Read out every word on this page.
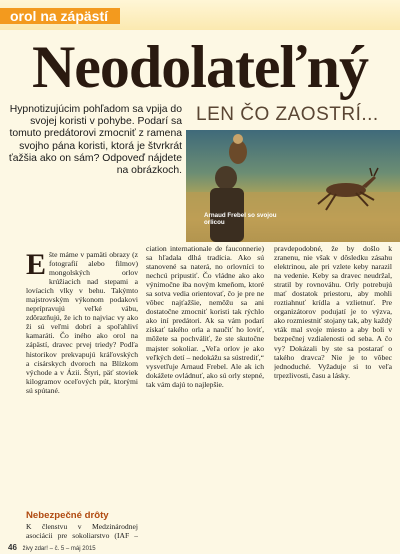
orol na zápästí
Neodolateľný
LEN ČO ZAOSTRÍ...
Hypnotizujúcim pohľadom sa vpija do svojej koristi v pohybe. Podarí sa tomuto predátorovi zmocniť z ramena svojho pána koristi, ktorá je štvrkrát ťažšia ako on sám? Odpoveď nájdete na obrázkoch.
Arnaud Frebel so svojou orlicou
Ešte máme v pamäti obrazy (z fotografií alebo filmov) mongolských orlov krúžiacich nad stepami a lovíacich vlky v behu. Takýmto majstrovským výkonom podakovi neprípravujú veľké vábu, zdôrazňujú, že ich to najviac vy ako ži sú veľmi dobrí a spoľahliví kamaráti. Čo iného ako orol na zápästí, dravec prvej triedy? Podľa historikov prekvapujú kráľovských a cisárskych dvoroch na Blízkom východe a v Ázii. Štyri, päť stoviek kilogramov oceľových pút, ktorými sú spútané.
Nebezpečné drôty
K členstvu v Medzinárodnej asociácii pre sokoliarstvo (IAF –
ciation internationale de fauconnerie) sa hľadala dlhá tradícia. Ako sú stanovené sa naterá, no orlovníci to nechcú pripustiť. Čo vládne ako ako výnimočne iba novým kmeňom, ktoré sa sotva vedia orientovať, čo je pre ne vôbec najťažšie, nemôžu sa ani dostatočne zmocniť koristi tak rýchlo ako iní predátori. Ak sa vám podarí získať takého orla a naučiť ho loviť, môžete sa pochváliť, že ste skutočne majster sokoliar. „Veľa orlov je ako veľkých detí – nedokážu sa sústrediť,“ vysvetľuje Arnaud Frebel. Ale ak ich dokážete ovládnuť, ako sú orly stepné, tak vám dajú to najlepšie.
pravdepodobné, že by došlo k zranenu, nie však v dôsledku zásahu elektrinou, ale pri vzlete keby narazil na vedenie. Keby sa dravec neudržal, stratil by rovnováhu. Orly potrebujú mať dostatok priestoru, aby mohli roztiahnuť krídla a vzlietnuť. Pre organizátorov podujatí je to výzva, ako rozmiestniť stojany tak, aby každý vták mal svoje miesto a aby boli v bezpečnej vzdialenosti od seba. A čo vy? Dokázali by ste sa postarať o takého dravca? Nie je to vôbec jednoduché. Vyžaduje si to veľa trpezlivosti, času a lásky.
46 živy zdar! – č. 5 – máj 2015
